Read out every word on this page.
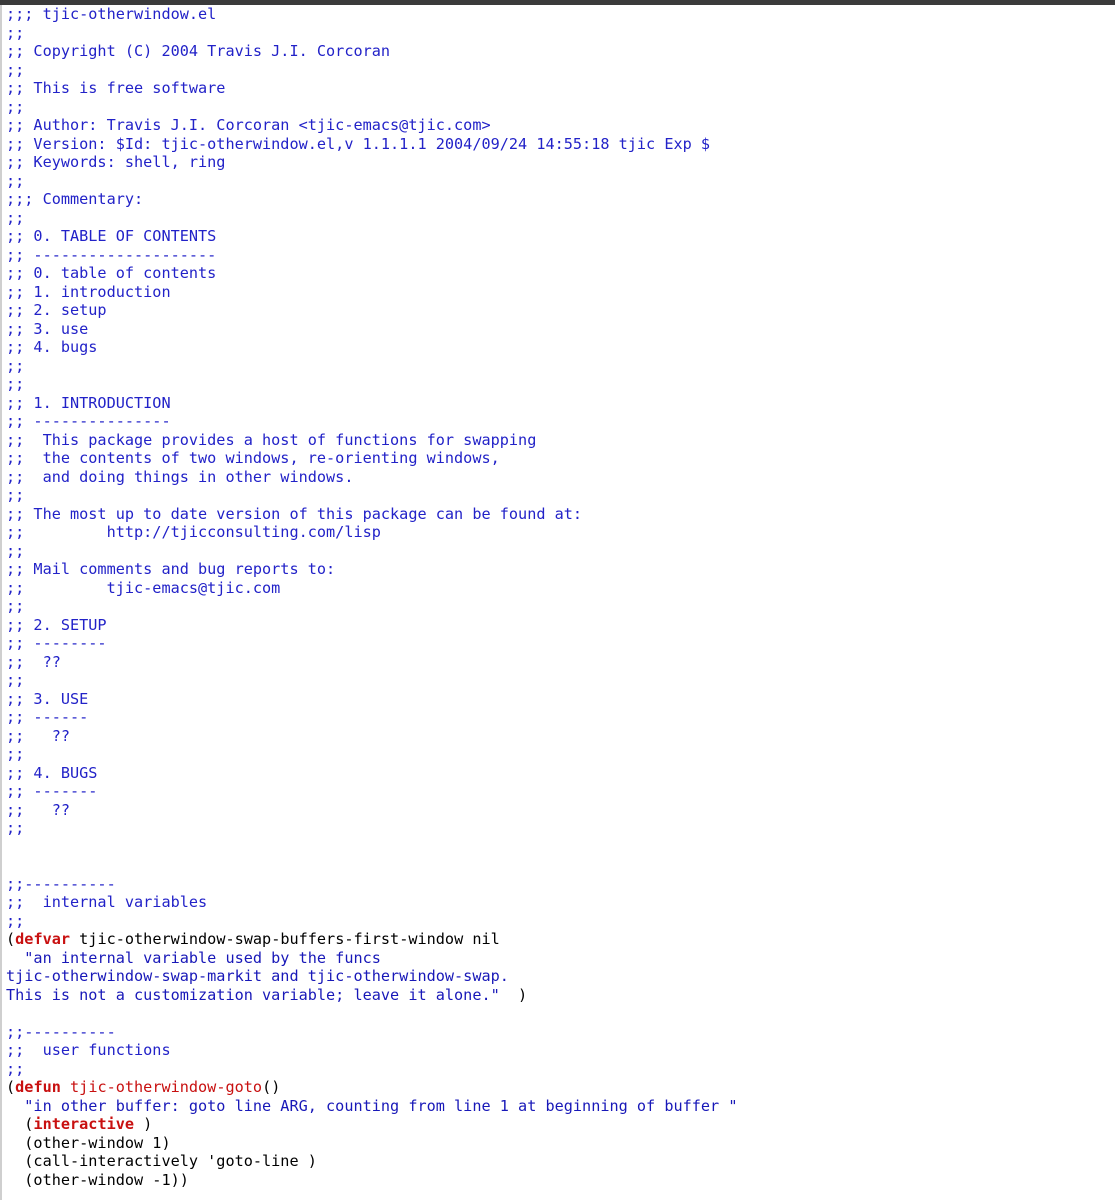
;;; tjic-otherwindow.el
;;
;; Copyright (C) 2004 Travis J.I. Corcoran
;;
;; This is free software
;;
;; Author: Travis J.I. Corcoran <tjic-emacs@tjic.com>
;; Version: $Id: tjic-otherwindow.el,v 1.1.1.1 2004/09/24 14:55:18 tjic Exp $
;; Keywords: shell, ring
;;
;;; Commentary:
;;
;; 0. TABLE OF CONTENTS
;; --------------------
;; 0. table of contents
;; 1. introduction
;; 2. setup
;; 3. use
;; 4. bugs
;;
;;
;; 1. INTRODUCTION
;; ---------------
;;  This package provides a host of functions for swapping
;;  the contents of two windows, re-orienting windows,
;;  and doing things in other windows.
;;
;; The most up to date version of this package can be found at:
;;         http://tjicconsulting.com/lisp
;;
;; Mail comments and bug reports to:
;;         tjic-emacs@tjic.com
;;
;; 2. SETUP
;; --------
;;  ??
;;
;; 3. USE
;; ------
;;   ??
;;
;; 4. BUGS
;; -------
;;   ??
;;
;;----------
;;  internal variables
;;
(defvar tjic-otherwindow-swap-buffers-first-window nil
"an internal variable used by the funcs
tjic-otherwindow-swap-markit and tjic-otherwindow-swap.
This is not a customization variable; leave it alone."  )
;;----------
;;  user functions
;;
(defun tjic-otherwindow-goto()
"in other buffer: goto line ARG, counting from line 1 at beginning of buffer "
(interactive )
(other-window 1)
(call-interactively 'goto-line )
(other-window -1))
